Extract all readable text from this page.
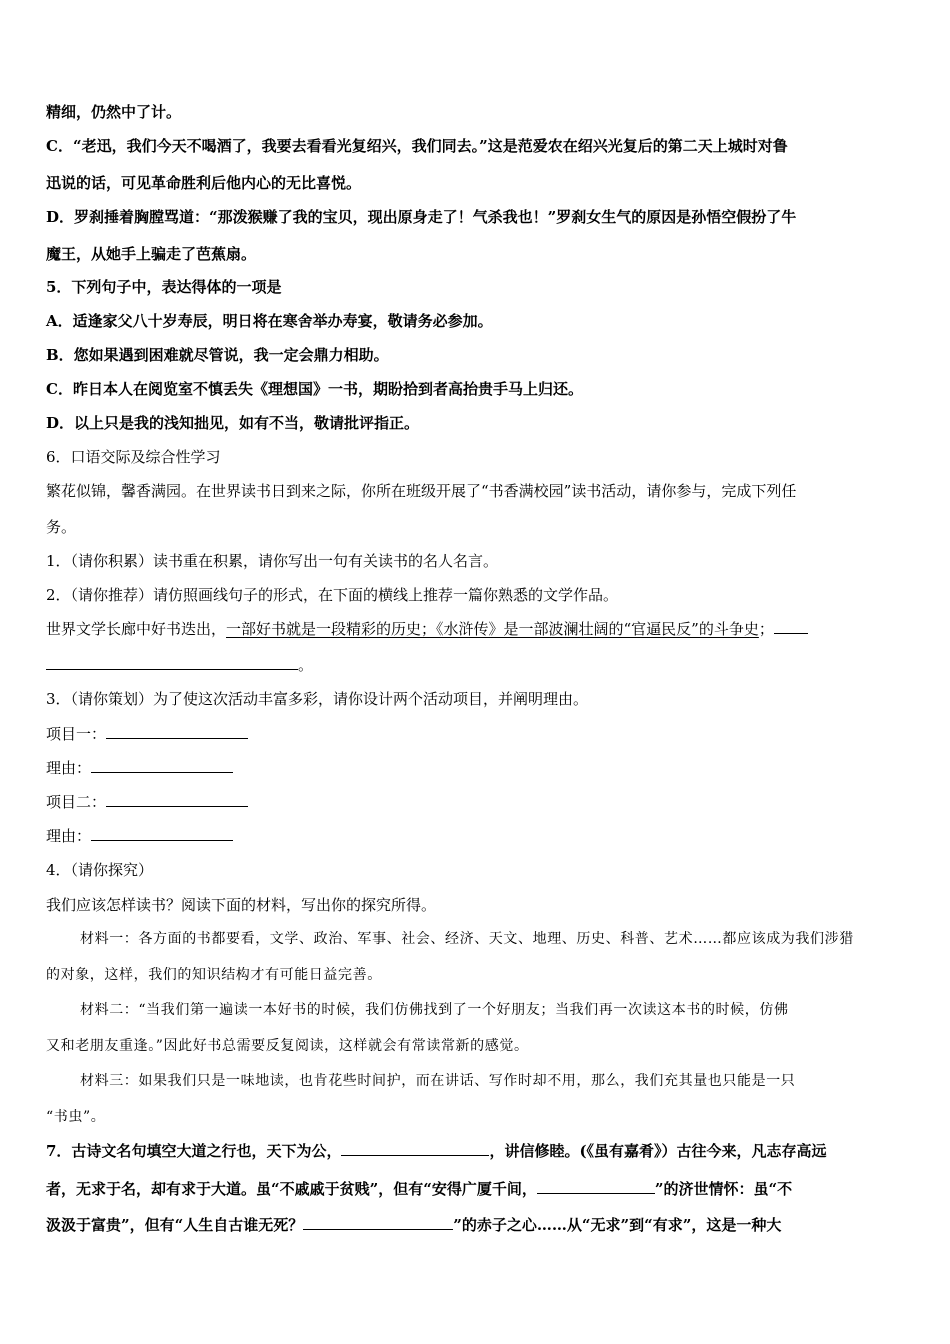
精细，仍然中了计。
C．“老迅，我们今天不喝酒了，我要去看看光复绍兴，我们同去。”这是范爱农在绍兴光复后的第二天上城时对鲁
迅说的话，可见革命胜利后他内心的无比喜悦。
D．罗刹捶着胸膛骂道：“那泼猴赚了我的宝贝，现出原身走了！气杀我也！”罗刹女生气的原因是孙悟空假扮了牛
魔王，从她手上骗走了芭蕉扇。
5．下列句子中，表达得体的一项是
A．适逢家父八十岁寿辰，明日将在寒舍举办寿宴，敬请务必参加。
B．您如果遇到困难就尽管说，我一定会鼎力相助。
C．昨日本人在阅览室不慎丢失《理想国》一书，期盼拾到者高抬贵手马上归还。
D．以上只是我的浅知拙见，如有不当，敬请批评指正。
6．口语交际及综合性学习
繁花似锦，馨香满园。在世界读书日到来之际，你所在班级开展了“书香满校园”读书活动，请你参与，完成下列任
务。
1．（请你积累）读书重在积累，请你写出一句有关读书的名人名言。
2．（请你推荐）请仿照画线句子的形式，在下面的横线上推荐一篇你熟悉的文学作品。
世界文学长廊中好书迭出，一部好书就是一段精彩的历史；《水浒传》是一部波澜壮阔的“官逼民反”的斗争史；
。
3．（请你策划）为了使这次活动丰富多彩，请你设计两个活动项目，并阐明理由。
项目一：
理由：
项目二：
理由：
4．（请你探究）
我们应该怎样读书？阅读下面的材料，写出你的探究所得。
材料一：各方面的书都要看，文学、政治、军事、社会、经济、天文、地理、历史、科普、艺术……都应该成为我们涉猎
的对象，这样，我们的知识结构才有可能日益完善。
材料二：“当我们第一遍读一本好书的时候，我们仿佛找到了一个好朋友；当我们再一次读这本书的时候，仿佛
又和老朋友重逢。”因此好书总需要反复阅读，这样就会有常读常新的感觉。
材料三：如果我们只是一味地读，也肯花些时间护，而在讲话、写作时却不用，那么，我们充其量也只能是一只
“书虫”。
7．古诗文名句填空大道之行也，天下为公，	，讲信修睦。(《虽有嘉肴》）古往今来，凡志存高远
者，无求于名，却有求于大道。虽“不戚戚于贫贱”，但有“安得广厦千间，	”的济世情怀：虽“不
汲汲于富贵”，但有“人生自古谁无死？	”的赤子之心……从“无求”到“有求”，这是一种大
